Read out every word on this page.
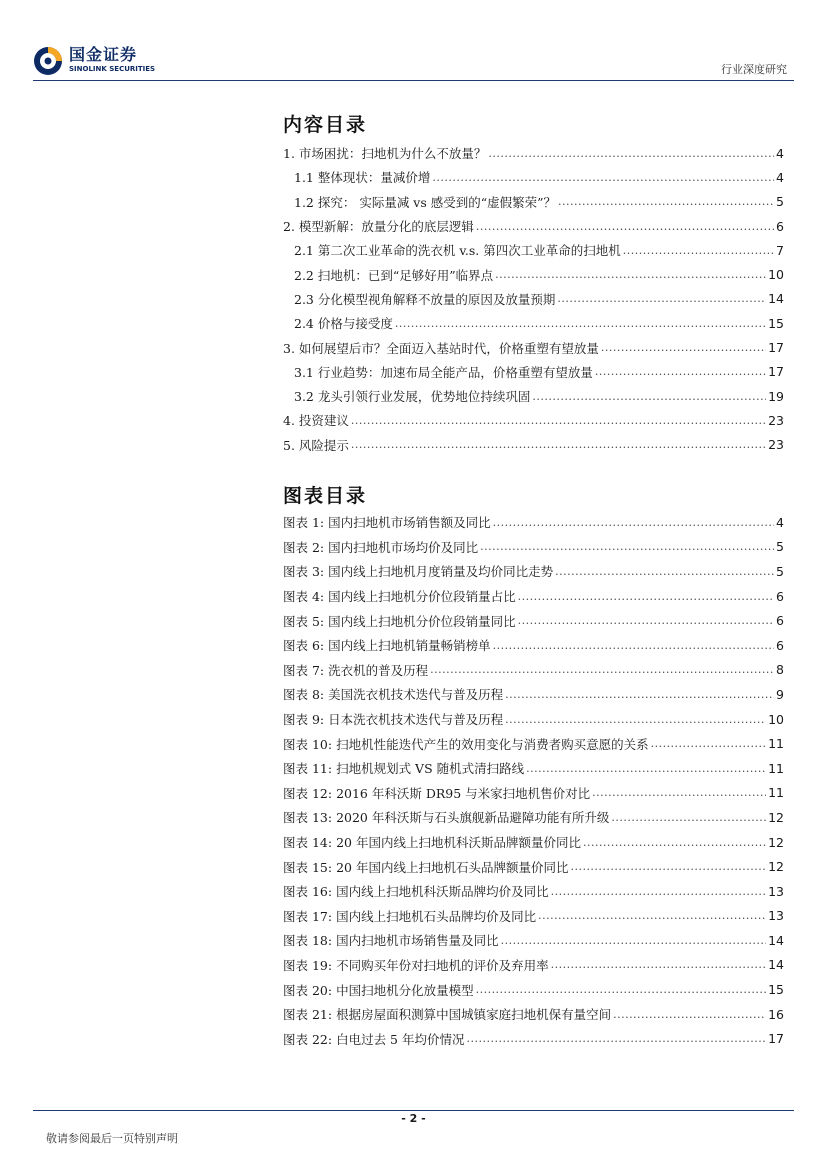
国金证券
SINOLINK SECURITIES	行业深度研究
内容目录
1. 市场困扰：扫地机为什么不放量？ .....	4
1.1 整体现状：量减价增 .....	4
1.2 探究： 实际量减 vs 感受到的“虚假繁荣”？ .....	5
2. 模型新解：放量分化的底层逻辑 .....	6
2.1 第二次工业革命的洗衣机 v.s. 第四次工业革命的扫地机 .....	7
2.2 扫地机：已到“足够好用”临界点 .....	10
2.3 分化模型视角解释不放量的原因及放量预期 .....	14
2.4 价格与接受度 .....	15
3. 如何展望后市？全面迈入基站时代，价格重塑有望放量 .....	17
3.1 行业趋势：加速布局全能产品，价格重塑有望放量 .....	17
3.2 龙头引领行业发展，优势地位持续巩固 .....	19
4. 投资建议 .....	23
5. 风险提示 .....	23
图表目录
图表 1: 国内扫地机市场销售额及同比 .....	4
图表 2: 国内扫地机市场均价及同比 .....	5
图表 3: 国内线上扫地机月度销量及均价同比走势 .....	5
图表 4: 国内线上扫地机分价位段销量占比 .....	6
图表 5: 国内线上扫地机分价位段销量同比 .....	6
图表 6: 国内线上扫地机销量畅销榜单 .....	6
图表 7: 洗衣机的普及历程 .....	8
图表 8: 美国洗衣机技术迭代与普及历程 .....	9
图表 9: 日本洗衣机技术迭代与普及历程 .....	10
图表 10: 扫地机性能迭代产生的效用变化与消费者购买意愿的关系 .....	11
图表 11: 扫地机规划式 VS 随机式清扫路线 .....	11
图表 12: 2016 年科沃斯 DR95 与米家扫地机售价对比 .....	11
图表 13: 2020 年科沃斯与石头旗舰新品避障功能有所升级 .....	12
图表 14: 20 年国内线上扫地机科沃斯品牌额量价同比 .....	12
图表 15: 20 年国内线上扫地机石头品牌额量价同比 .....	12
图表 16: 国内线上扫地机科沃斯品牌均价及同比 .....	13
图表 17: 国内线上扫地机石头品牌均价及同比 .....	13
图表 18: 国内扫地机市场销售量及同比 .....	14
图表 19: 不同购买年份对扫地机的评价及弃用率 .....	14
图表 20: 中国扫地机分化放量模型 .....	15
图表 21: 根据房屋面积测算中国城镇家庭扫地机保有量空间 .....	16
图表 22: 白电过去 5 年均价情况 .....	17
- 2 -
敬请参阅最后一页特别声明
